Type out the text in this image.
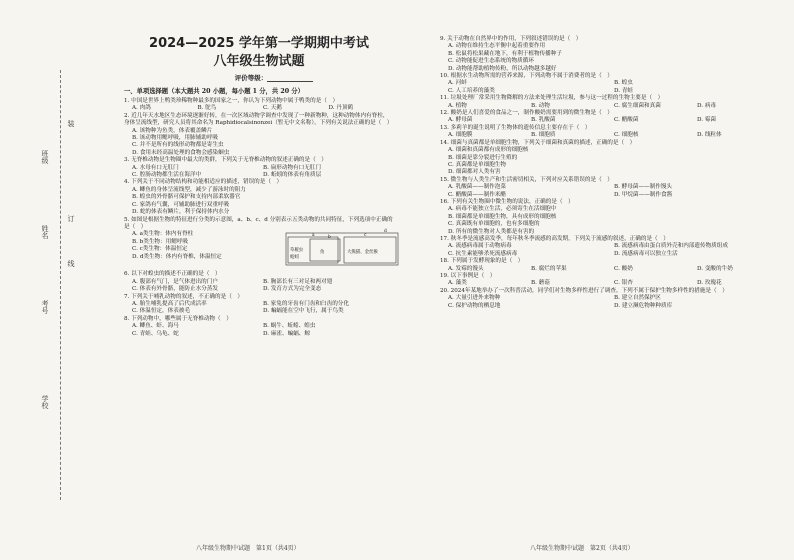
班级
姓名
考号
学校
装
订
线
2024—2025 学年第一学期期中考试
八年级生物试题
评价等级：
一、单项选择题（本大题共 20 小题，每小题 1 分，共 20 分）

1. 中国是世界上鸭类珍稀物种最多的国家之一，你认为下列动物中属于鸭类的是（　）

A. 肉鸽	B. 鸵鸟	C. 天鹅	D. 丹顶鹤

2. 近几年天水地区生态环境逐渐好转，在一次区域动物学调查中发现了一种新物种，这种动物体内有脊柱，身体呈流线型，研究人员将其命名为 Raphidiocalsinonzei（暂无中文名称），下列有关说法正确的是（　）

A. 该物种为鱼类，体表覆盖鳞片
B. 该动物用鳃呼吸，用肺辅助呼吸
C. 并不是所有的线形动物都是寄生虫
D. 食用未经高温处理的食物会感染蛔虫

3. 无脊椎动物是生物圈中最大的类群，下列关于无脊椎动物的叙述正确的是（　）

A. 水母有口无肛门	B. 扁形动物有口无肛门
C. 腔肠动物都生活在海洋中	D. 蚯蚓的体表有角质层

4. 下列关于不同动物结构和功能相适应的描述，错误的是（　）

A. 鲫鱼的身体呈流线型，减少了游泳时的阻力
B. 蝗虫的外骨骼可保护和支持内部柔软器官
C. 家鸽有气囊，可辅助肺进行双重呼吸
D. 蛇的体表有鳞片，利于保持体内水分

5. 如图是根据生物的特征进行分类的示意图，a、b、c、d 分别表示五类动物的共同特征，下列选项中正确的是（　）

A. a类生物：体内有脊柱
B. b类生物：用鳃呼吸
C. c类生物：体温恒定
D. d类生物：体内有脊椎，体温恒定
d
a	b	c
草履虫
蚯蚓
鱼	大熊猫、金丝猴

6. 以下对蝗虫的描述不正确的是（　）

A. 腹部有气门，是气体进出的门户	B. 胸部长有三对足和两对翅
C. 体表有外骨骼，能防止水分蒸发	D. 发育方式为完全变态

7. 下列关于哺乳动物的叙述，不正确的是（　）

A. 胎生哺乳提高了后代成活率	B. 家兔的牙齿有门齿和臼齿的分化
C. 体温恒定，体表被毛	D. 蝙蝠能在空中飞行，属于鸟类

8. 下列动物中，哪些属于无脊椎动物（　）

A. 鲫鱼、虾、海马	B. 蜗牛、蚯蚓、蝗虫
C. 青蛙、乌龟、蛇	D. 麻雀、蝙蝠、鲸
八年级生物期中试题　第1页（共4页）

9. 关于动物在自然界中的作用，下列叙述错误的是（　）

A. 动物在维持生态平衡中起着重要作用
B. 松鼠将松果藏在地下，有利于植物传播种子
C. 动物能促进生态系统的物质循环
D. 动物能帮助植物传粉，所以动物越多越好

10. 根据水生动物所需的营养来源，下列动物不属于消费者的是（　）

A. 河蚌	B. 蝗虫
C. 人工培养的藻类	D. 青蛙

11. 垃圾处理厂常采用生物降解的方法来处理生活垃圾，参与这一过程的生物主要是（　）

A. 植物	B. 动物	C. 腐生细菌和真菌	D. 病毒

12. 酸奶是人们喜爱的食品之一，制作酸奶需要用到的微生物是（　）

A. 酵母菌	B. 乳酸菌	C. 醋酸菌	D. 霉菌

13. 多莉羊的诞生说明了生物体的遗传信息主要存在于（　）

A. 细胞膜	B. 细胞质	C. 细胞核	D. 线粒体

14. 细菌与真菌都是单细胞生物，下列关于细菌和真菌的描述，正确的是（　）

A. 细菌和真菌都有成形的细胞核
B. 细菌是靠分裂进行生殖的
C. 真菌都是单细胞生物
D. 细菌都对人类有害

15. 微生物与人类生产和生活密切相关，下列对应关系错误的是（　）

A. 乳酸菌——制作泡菜	B. 酵母菌——制作馒头
C. 醋酸菌——制作米醋	D. 甲烷菌——制作食酱

16. 下列有关生物圈中微生物的说法，正确的是（　）

A. 病毒不能独立生活，必须寄生在活细胞中
B. 细菌都是单细胞生物，具有成形的细胞核
C. 真菌既有单细胞的，也有多细胞的
D. 所有的微生物对人类都是有害的

17. 秋冬季是流感高发季，每年秋冬季流感的高发期，下列关于流感的叙述，正确的是（　）

A. 流感病毒属于动物病毒	B. 流感病毒由蛋白质外壳和内部遗传物质组成
C. 抗生素能够杀死流感病毒	D. 流感病毒可以独立生活

18. 下列属于发酵现象的是（　）

A. 发霉的馒头	B. 腐烂的苹果	C. 酸奶	D. 变酸的牛奶

19. 以下事例是（　）

A. 藻类	B. 蘑菇	C. 银杏	D. 玫瑰花

20. 2024年某地举办了一次科普活动，同学们对生物多样性进行了调查，下列不属于保护生物多样性的措施是（　）

A. 大量引进外来物种	B. 建立自然保护区
C. 保护动物的栖息地	D. 建立濒危物种种质库
八年级生物期中试题　第2页（共4页）
